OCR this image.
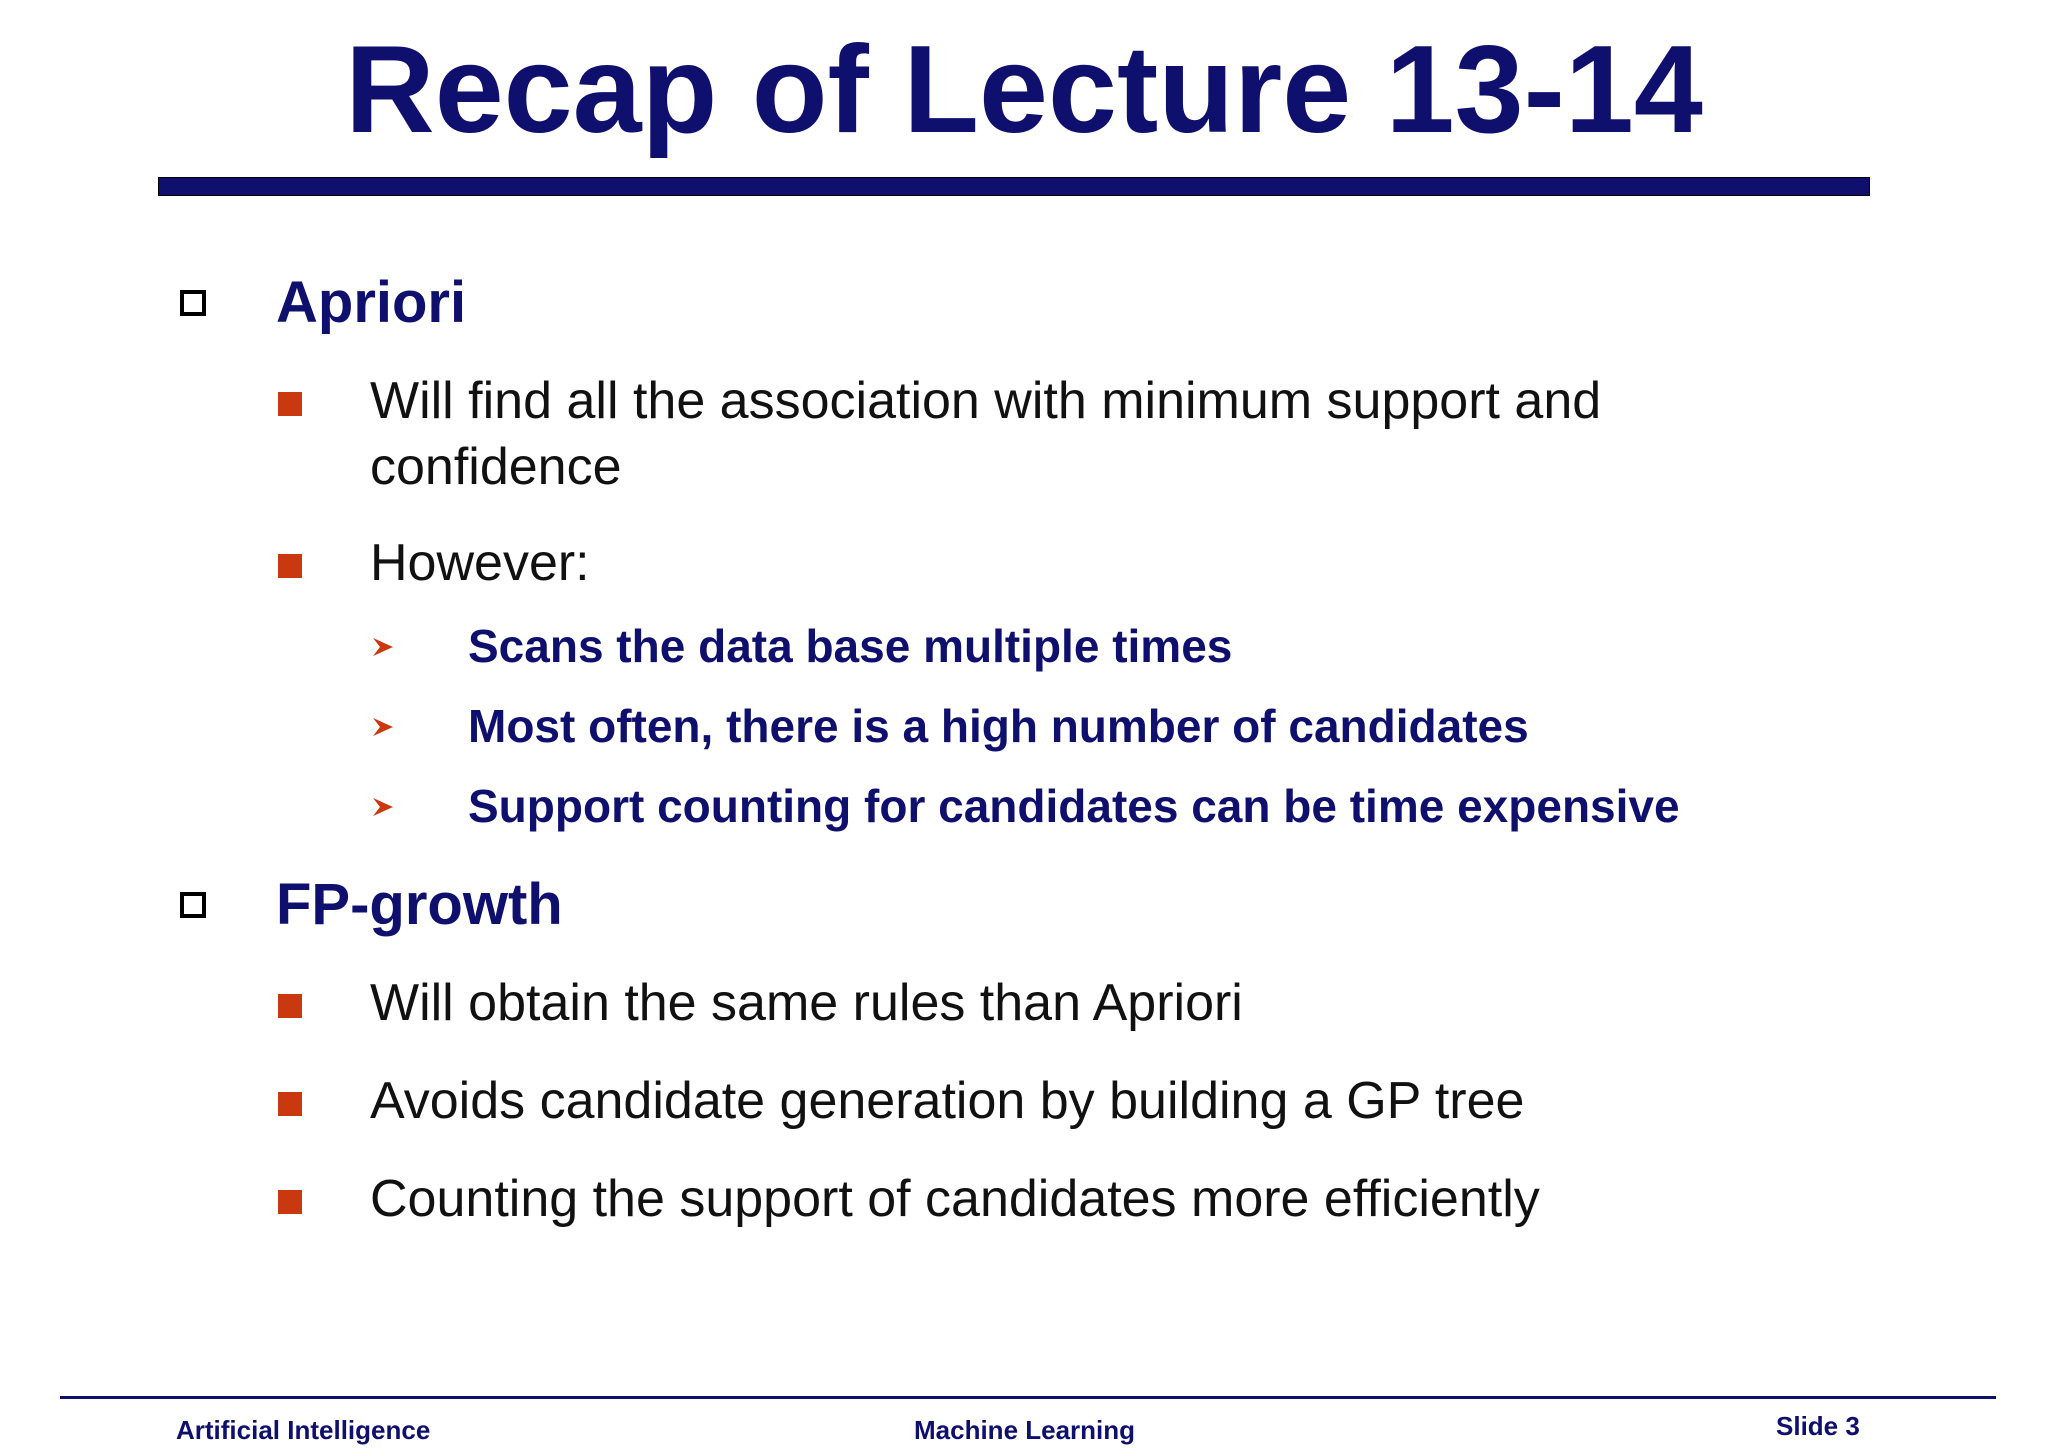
Recap of Lecture 13-14
Apriori
Will find all the association with minimum support and confidence
However:
Scans the data base multiple times
Most often, there is a high number of candidates
Support counting for candidates can be time expensive
FP-growth
Will obtain the same rules than Apriori
Avoids candidate generation by building a GP tree
Counting the support of candidates more efficiently
Artificial Intelligence	Machine Learning	Slide 3
